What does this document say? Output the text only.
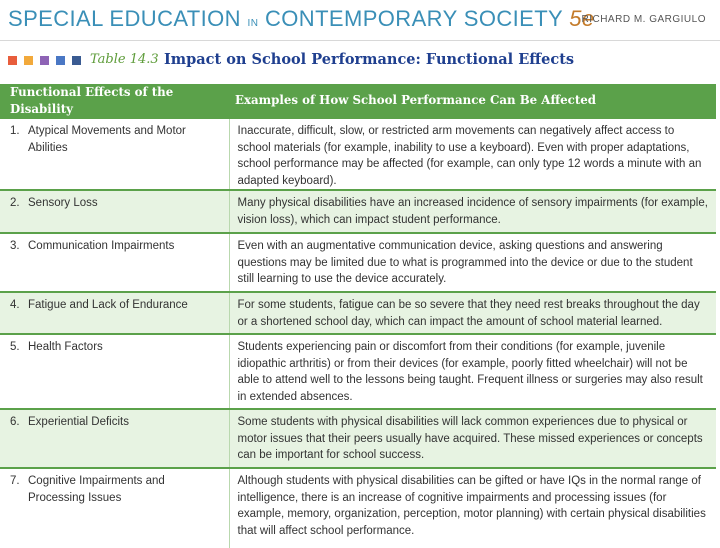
SPECIAL EDUCATION IN CONTEMPORARY SOCIETY 5e
RICHARD M. GARGIULO
Table 14.3 Impact on School Performance: Functional Effects
Functional Effects of the Disability	Examples of How School Performance Can Be Affected
1. Atypical Movements and Motor Abilities	Inaccurate, difficult, slow, or restricted arm movements can negatively affect access to school materials (for example, inability to use a keyboard). Even with proper adaptations, school performance may be affected (for example, can only type 12 words a minute with an adapted keyboard).
2. Sensory Loss	Many physical disabilities have an increased incidence of sensory impairments (for example, vision loss), which can impact student performance.
3. Communication Impairments	Even with an augmentative communication device, asking questions and answering questions may be limited due to what is programmed into the device or due to the student still learning to use the device accurately.
4. Fatigue and Lack of Endurance	For some students, fatigue can be so severe that they need rest breaks throughout the day or a shortened school day, which can impact the amount of school material learned.
5. Health Factors	Students experiencing pain or discomfort from their conditions (for example, juvenile idiopathic arthritis) or from their devices (for example, poorly fitted wheelchair) will not be able to attend well to the lessons being taught. Frequent illness or surgeries may also result in extended absences.
6. Experiential Deficits	Some students with physical disabilities will lack common experiences due to physical or motor issues that their peers usually have acquired. These missed experiences or concepts can be important for school success.
7. Cognitive Impairments and Processing Issues	Although students with physical disabilities can be gifted or have IQs in the normal range of intelligence, there is an increase of cognitive impairments and processing issues (for example, memory, organization, perception, motor planning) with certain physical disabilities that will affect school performance.
